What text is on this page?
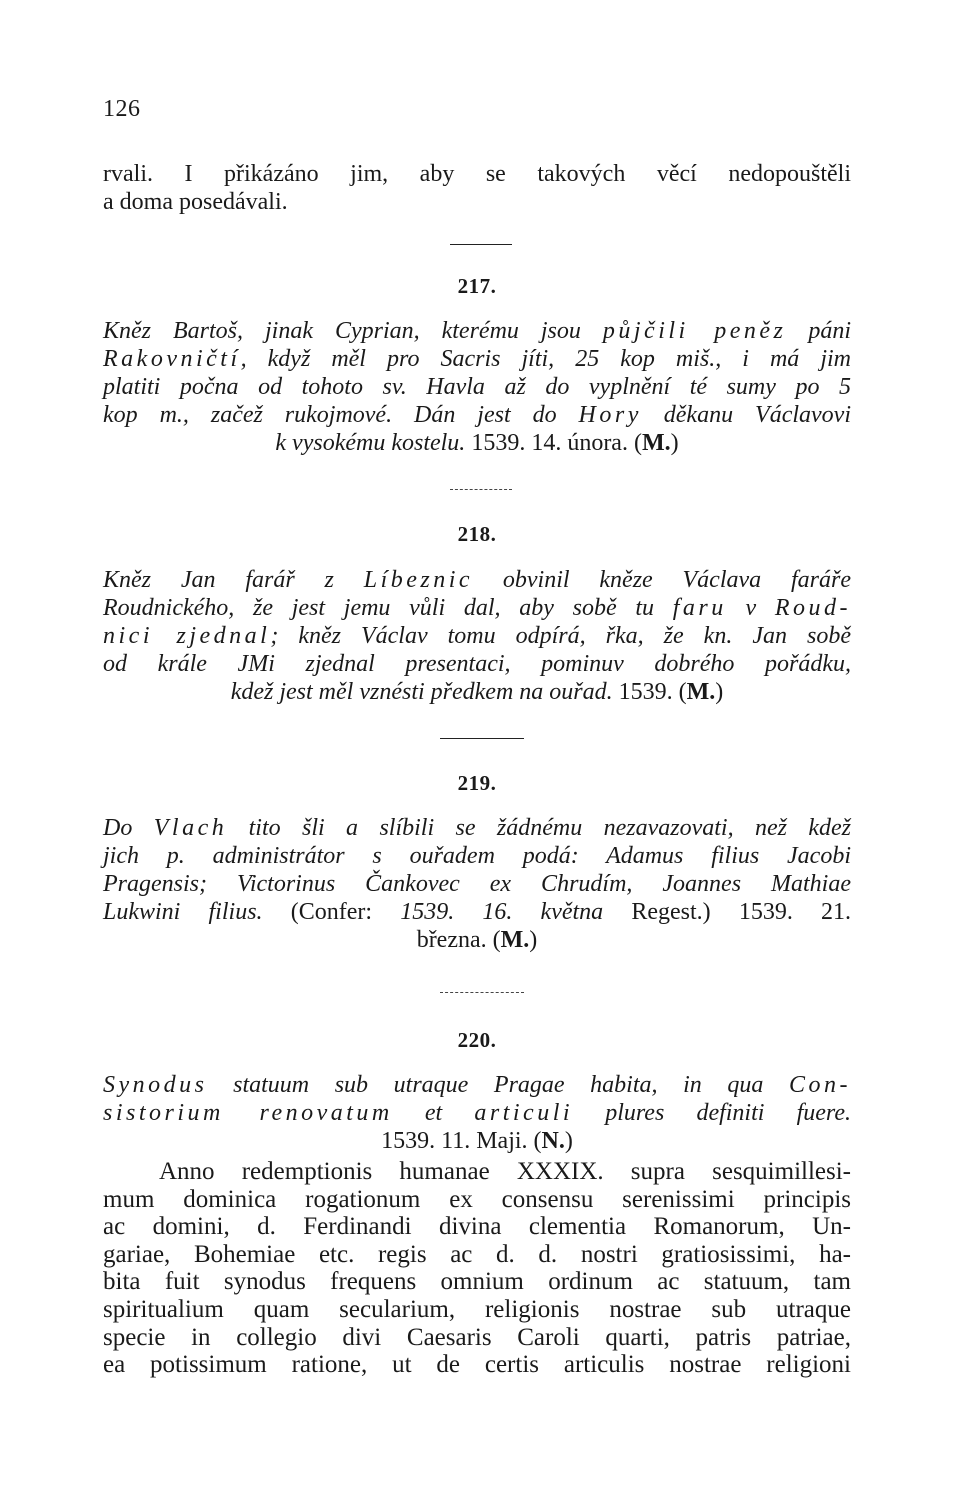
126
rvali. I přikázáno jim, aby se takových věcí nedopouštěli
a doma posedávali.
217.
Kněz Bartoš, jinak Cyprian, kterému jsou půjčili peněz páni
Rakovničtí, když měl pro Sacris jíti, 25 kop miš., i má jim
platiti počna od tohoto sv. Havla až do vyplnění té sumy po 5
kop m., začež rukojmové. Dán jest do Hory děkanu Václavovi
k vysokému kostelu. 1539. 14. února. (M.)
218.
Kněz Jan farář z Líbeznic obvinil kněze Václava faráře
Roudnického, že jest jemu vůli dal, aby sobě tu faru v Roud-
nici zjednal; kněz Václav tomu odpírá, řka, že kn. Jan sobě
od krále JMi zjednal presentaci, pominuv dobrého pořádku,
kdež jest měl vznésti předkem na ouřad. 1539. (M.)
219.
Do Vlach tito šli a slíbili se žádnému nezavazovati, než kdež
jich p. administrátor s ouřadem podá: Adamus filius Jacobi
Pragensis; Victorinus Čankovec ex Chrudím, Joannes Mathiae
Lukwini filius. (Confer: 1539. 16. května Regest.) 1539. 21.
března. (M.)
220.
Synodus statuum sub utraque Pragae habita, in qua Con-
sistorium renovatum et articuli plures definiti fuere.
1539. 11. Maji. (N.)
Anno redemptionis humanae XXXIX. supra sesquimillesi-
mum dominica rogationum ex consensu serenissimi principis
ac domini, d. Ferdinandi divina clementia Romanorum, Un-
gariae, Bohemiae etc. regis ac d. d. nostri gratiosissimi, ha-
bita fuit synodus frequens omnium ordinum ac statuum, tam
spiritualium quam secularium, religionis nostrae sub utraque
specie in collegio divi Caesaris Caroli quarti, patris patriae,
ea potissimum ratione, ut de certis articulis nostrae religioni
